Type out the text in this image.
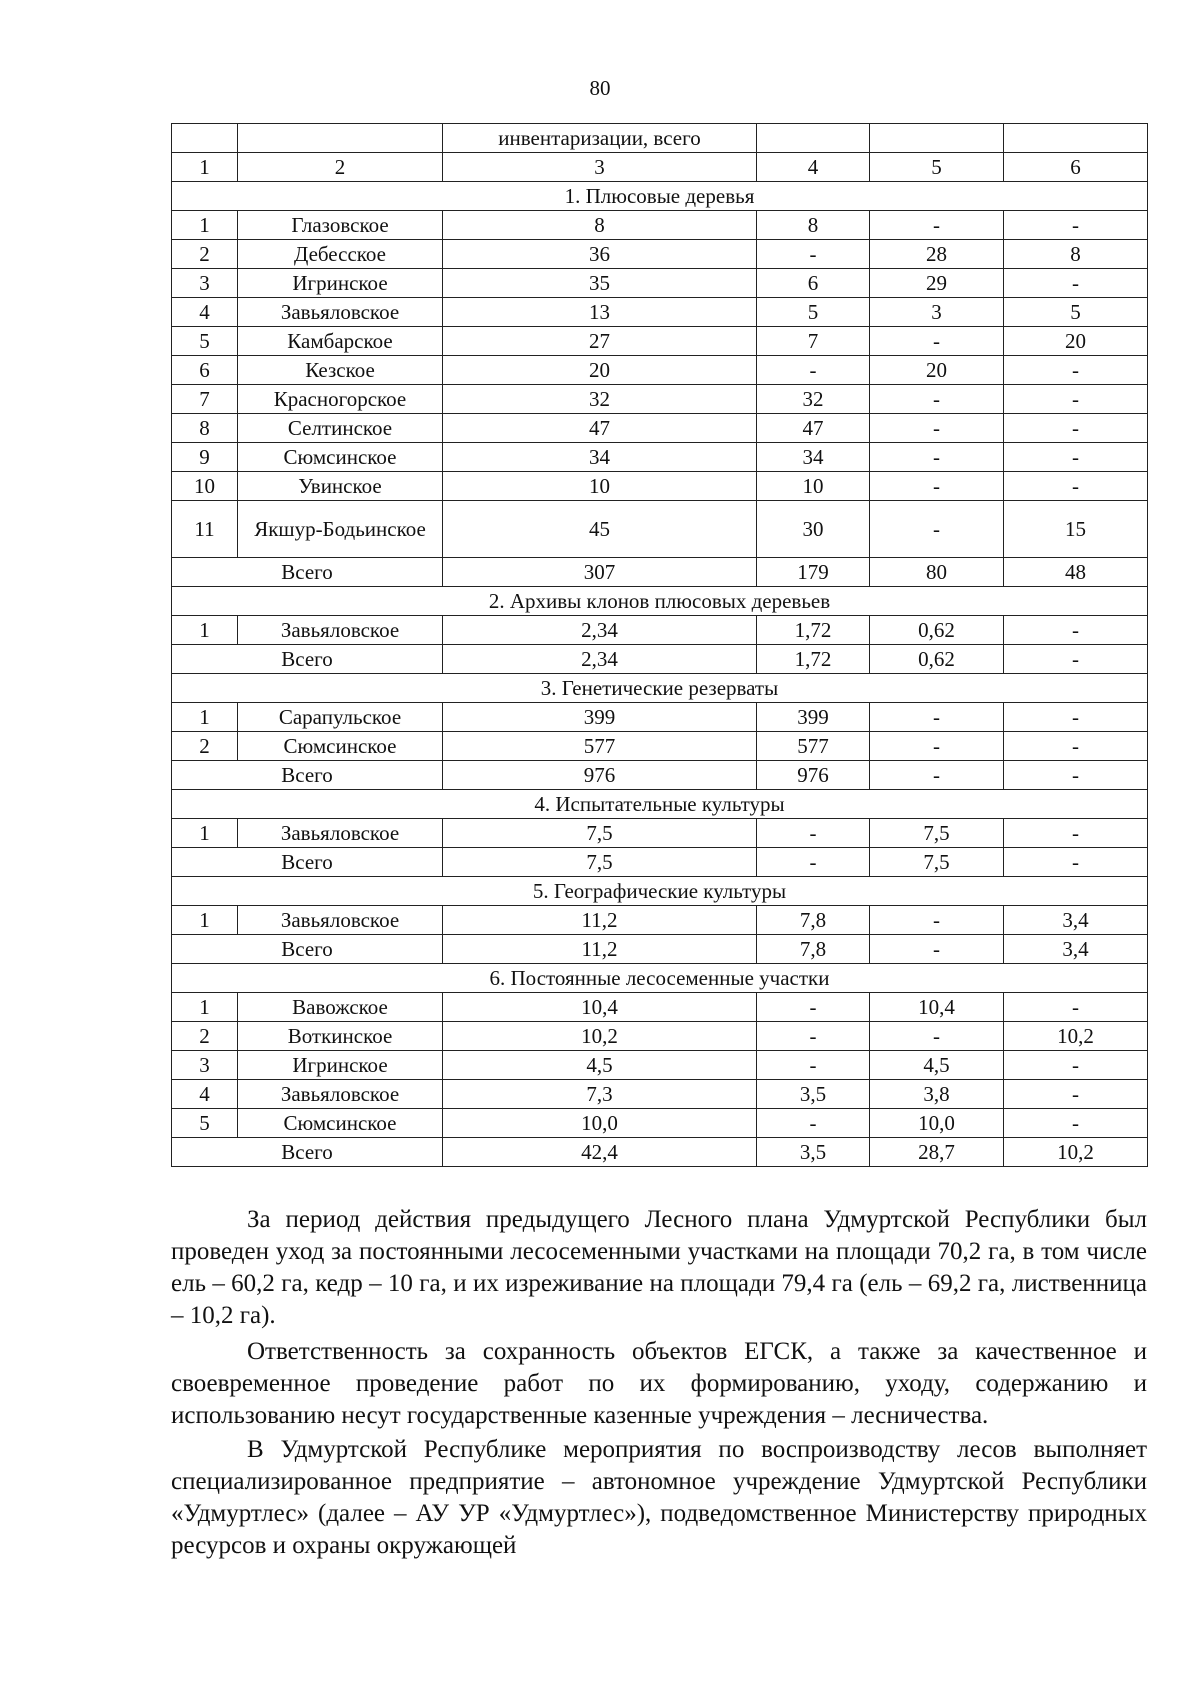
80
		инвентаризации, всего			
1	2	3	4	5	6
1. Плюсовые деревья					
1	Глазовское	8	8	-	-
2	Дебесское	36	-	28	8
3	Игринское	35	6	29	-
4	Завьяловское	13	5	3	5
5	Камбарское	27	7	-	20
6	Кезское	20	-	20	-
7	Красногорское	32	32	-	-
8	Селтинское	47	47	-	-
9	Сюмсинское	34	34	-	-
10	Увинское	10	10	-	-
11	Якшур-Бодьинское	45	30	-	15
Всего		307	179	80	48
2. Архивы клонов плюсовых деревьев					
1	Завьяловское	2,34	1,72	0,62	-
Всего		2,34	1,72	0,62	-
3. Генетические резерваты					
1	Сарапульское	399	399	-	-
2	Сюмсинское	577	577	-	-
Всего		976	976	-	-
4. Испытательные культуры					
1	Завьяловское	7,5	-	7,5	-
Всего		7,5	-	7,5	-
5. Географические культуры					
1	Завьяловское	11,2	7,8	-	3,4
Всего		11,2	7,8	-	3,4
6. Постоянные лесосеменные участки					
1	Вавожское	10,4	-	10,4	-
2	Воткинское	10,2	-	-	10,2
3	Игринское	4,5	-	4,5	-
4	Завьяловское	7,3	3,5	3,8	-
5	Сюмсинское	10,0	-	10,0	-
Всего		42,4	3,5	28,7	10,2

За период действия предыдущего Лесного плана Удмуртской Республики был проведен уход за постоянными лесосеменными участками на площади 70,2 га, в том числе ель – 60,2 га, кедр – 10 га, и их изреживание на площади 79,4 га (ель – 69,2 га, лиственница – 10,2 га).

Ответственность за сохранность объектов ЕГСК, а также за качественное и своевременное проведение работ по их формированию, уходу, содержанию и использованию несут государственные казенные учреждения – лесничества.

В Удмуртской Республике мероприятия по воспроизводству лесов выполняет специализированное предприятие – автономное учреждение Удмуртской Республики «Удмуртлес» (далее – АУ УР «Удмуртлес»), подведомственное Министерству природных ресурсов и охраны окружающей
